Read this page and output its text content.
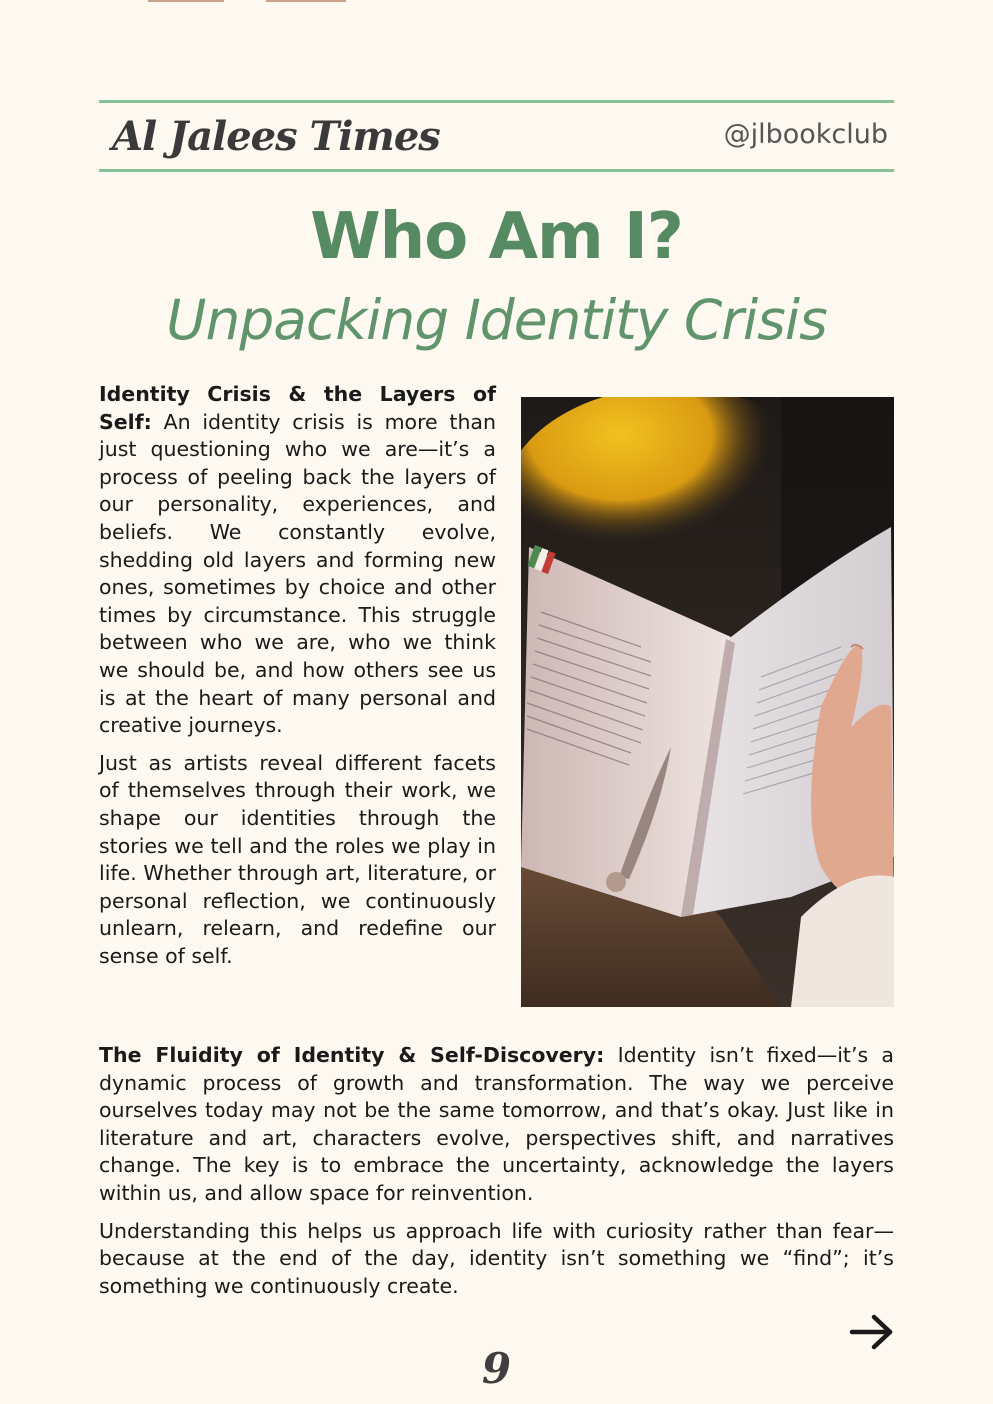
Al Jalees Times	@jlbookclub
Who Am I?
Unpacking Identity Crisis

Identity Crisis & the Layers of Self: An identity crisis is more than just questioning who we are—it’s a process of peeling back the layers of our personality, experiences, and beliefs. We constantly evolve, shedding old layers and forming new ones, sometimes by choice and other times by circumstance. This struggle between who we are, who we think we should be, and how others see us is at the heart of many personal and creative journeys.

Just as artists reveal different facets of themselves through their work, we shape our identities through the stories we tell and the roles we play in life. Whether through art, literature, or personal reflection, we continuously unlearn, relearn, and redefine our sense of self.

The Fluidity of Identity & Self-Discovery: Identity isn’t fixed—it’s a dynamic process of growth and transformation. The way we perceive ourselves today may not be the same tomorrow, and that’s okay. Just like in literature and art, characters evolve, perspectives shift, and narratives change. The key is to embrace the uncertainty, acknowledge the layers within us, and allow space for reinvention.

Understanding this helps us approach life with curiosity rather than fear—because at the end of the day, identity isn’t something we “find”; it’s something we continuously create.

9
